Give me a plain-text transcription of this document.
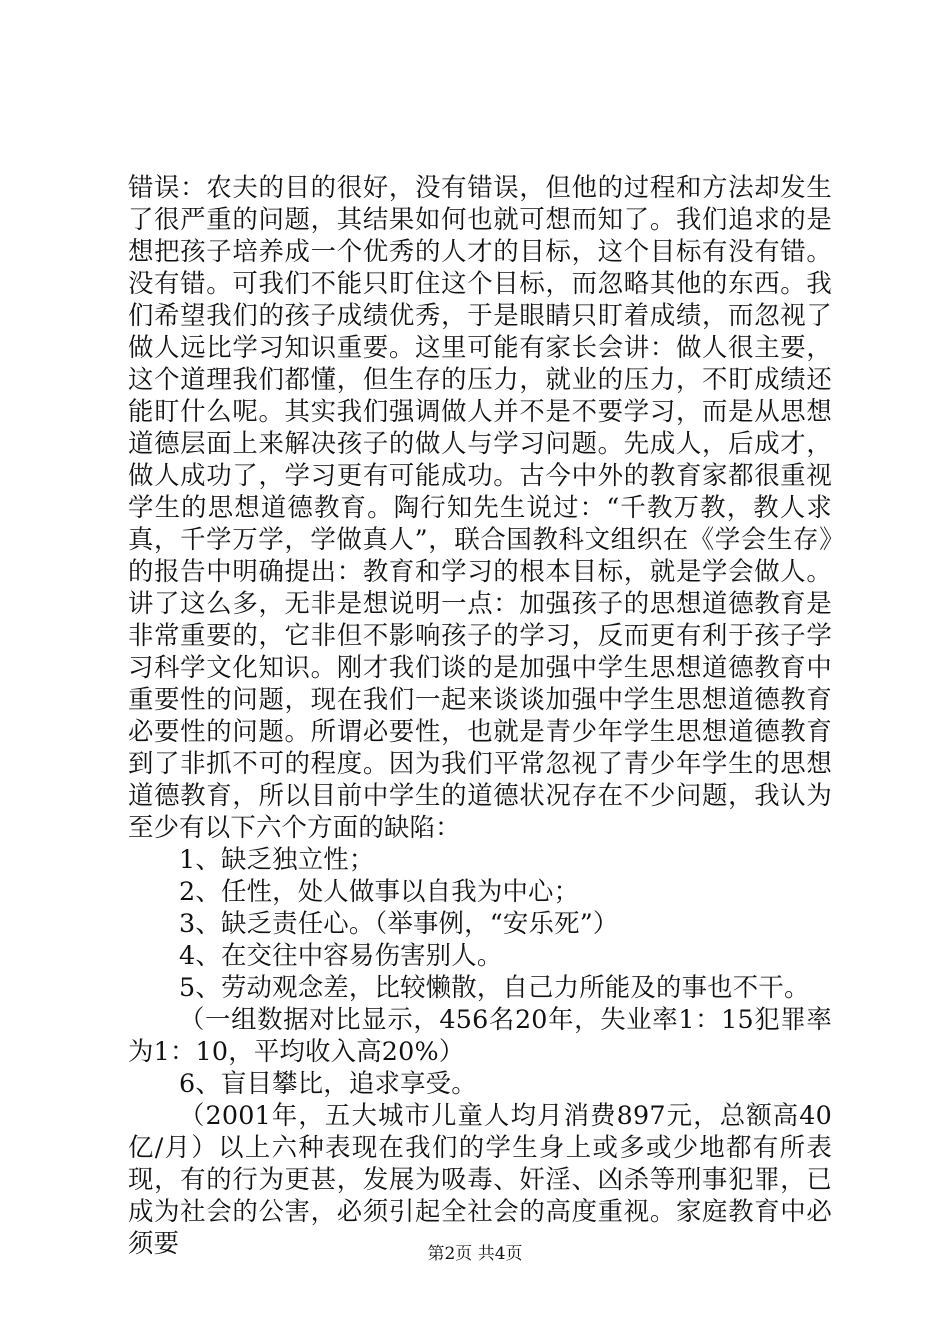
错误：农夫的目的很好，没有错误，但他的过程和方法却发生了很严重的问题，其结果如何也就可想而知了。我们追求的是想把孩子培养成一个优秀的人才的目标，这个目标有没有错。没有错。可我们不能只盯住这个目标，而忽略其他的东西。我们希望我们的孩子成绩优秀，于是眼睛只盯着成绩，而忽视了做人远比学习知识重要。这里可能有家长会讲：做人很主要，这个道理我们都懂，但生存的压力，就业的压力，不盯成绩还能盯什么呢。其实我们强调做人并不是不要学习，而是从思想道德层面上来解决孩子的做人与学习问题。先成人，后成才，做人成功了，学习更有可能成功。古今中外的教育家都很重视学生的思想道德教育。陶行知先生说过：“千教万教，教人求真，千学万学，学做真人”，联合国教科文组织在《学会生存》的报告中明确提出：教育和学习的根本目标，就是学会做人。讲了这么多，无非是想说明一点：加强孩子的思想道德教育是非常重要的，它非但不影响孩子的学习，反而更有利于孩子学习科学文化知识。刚才我们谈的是加强中学生思想道德教育中重要性的问题，现在我们一起来谈谈加强中学生思想道德教育必要性的问题。所谓必要性，也就是青少年学生思想道德教育到了非抓不可的程度。因为我们平常忽视了青少年学生的思想道德教育，所以目前中学生的道德状况存在不少问题，我认为至少有以下六个方面的缺陷：

1、缺乏独立性；

2、任性，处人做事以自我为中心；

3、缺乏责任心。（举事例，“安乐死”）

4、在交往中容易伤害别人。

5、劳动观念差，比较懒散，自己力所能及的事也不干。

（一组数据对比显示，456名20年，失业率1：15犯罪率为1：10，平均收入高20%）

6、盲目攀比，追求享受。

（2001年，五大城市儿童人均月消费897元，总额高40亿/月）以上六种表现在我们的学生身上或多或少地都有所表现，有的行为更甚，发展为吸毒、奸淫、凶杀等刑事犯罪，已成为社会的公害，必须引起全社会的高度重视。家庭教育中必须要	第2页 共4页
